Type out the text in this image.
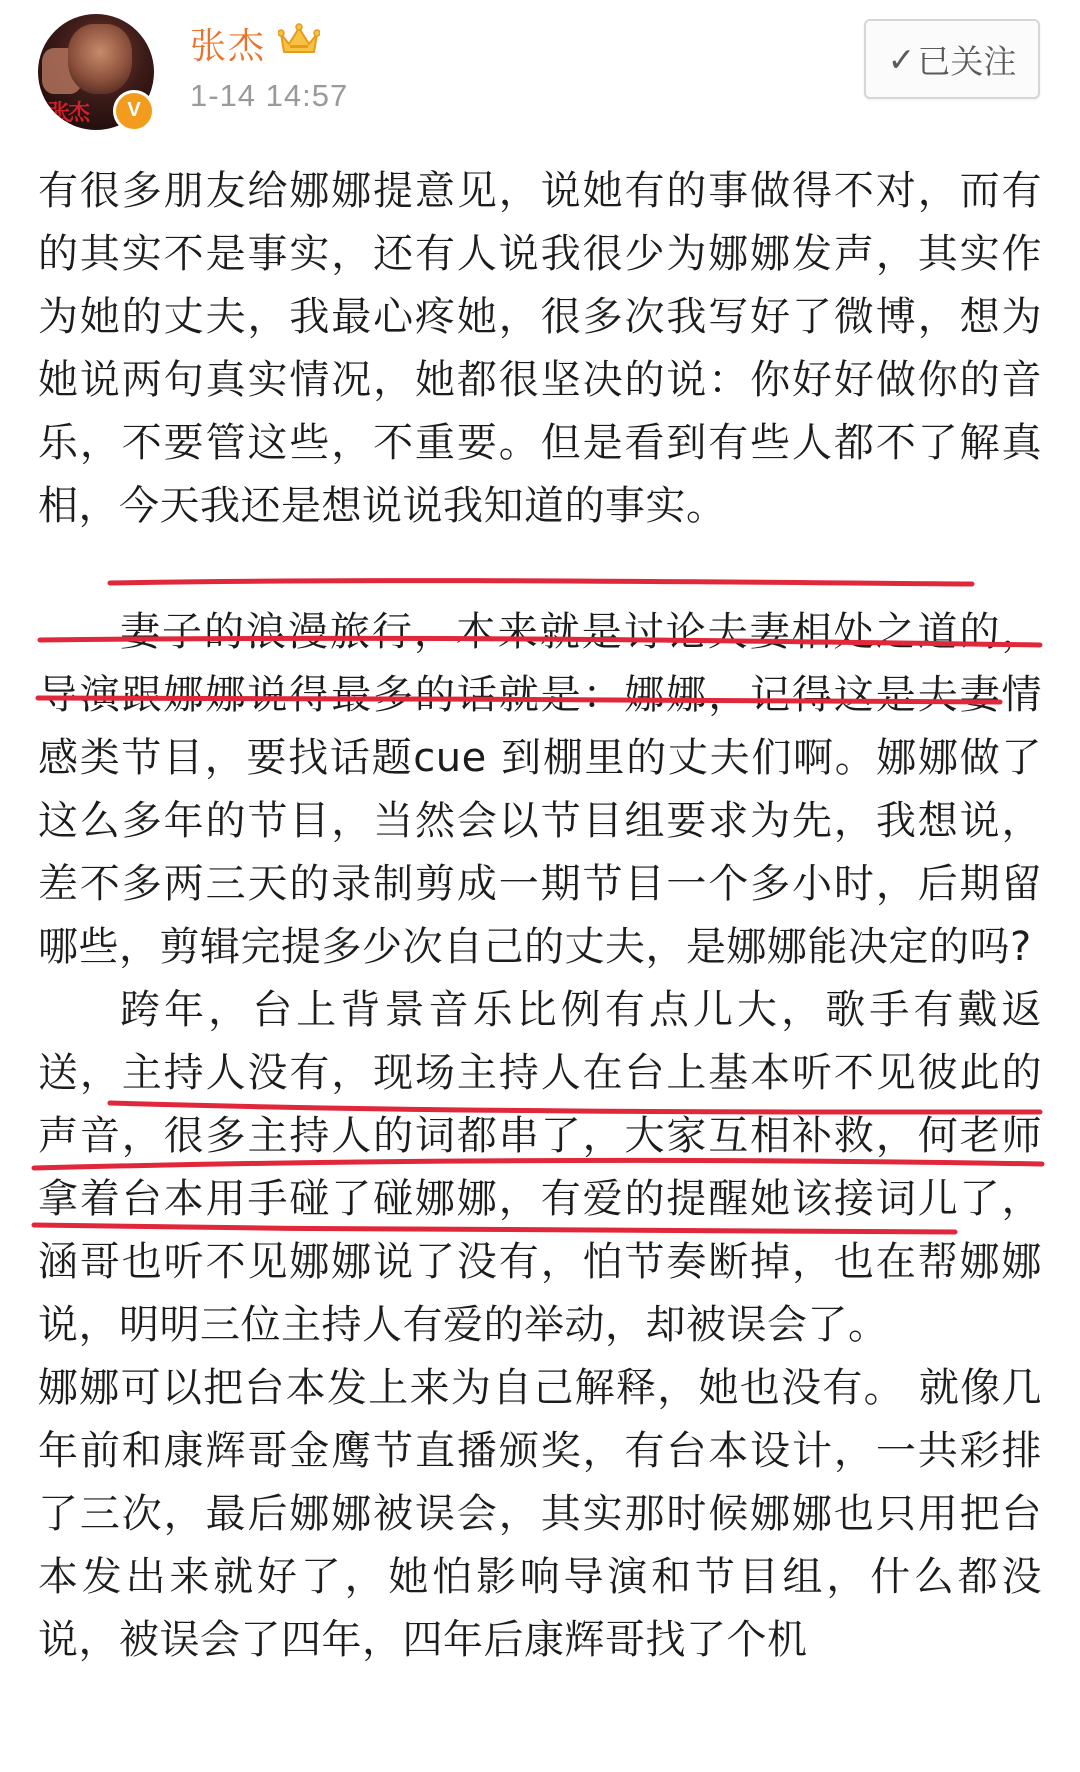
张杰	V
张杰
1-14 14:57
✓ 已关注

有很多朋友给娜娜提意见，说她有的事做得不对，而有的其实不是事实，还有人说我很少为娜娜发声，其实作为她的丈夫，我最心疼她，很多次我写好了微博，想为她说两句真实情况，她都很坚决的说：你好好做你的音乐，不要管这些，不重要。但是看到有些人都不了解真相，今天我还是想说说我知道的事实。

妻子的浪漫旅行，本来就是讨论夫妻相处之道的，导演跟娜娜说得最多的话就是：娜娜，记得这是夫妻情感类节目，要找话题cue 到棚里的丈夫们啊。娜娜做了这么多年的节目，当然会以节目组要求为先，我想说，差不多两三天的录制剪成一期节目一个多小时，后期留哪些，剪辑完提多少次自己的丈夫，是娜娜能决定的吗?

跨年，台上背景音乐比例有点儿大，歌手有戴返送，主持人没有，现场主持人在台上基本听不见彼此的声音，很多主持人的词都串了，大家互相补救，何老师拿着台本用手碰了碰娜娜，有爱的提醒她该接词儿了，涵哥也听不见娜娜说了没有，怕节奏断掉，也在帮娜娜说，明明三位主持人有爱的举动，却被误会了。

娜娜可以把台本发上来为自己解释，她也没有。 就像几年前和康辉哥金鹰节直播颁奖，有台本设计，一共彩排了三次，最后娜娜被误会，其实那时候娜娜也只用把台本发出来就好了，她怕影响导演和节目组，什么都没说，被误会了四年，四年后康辉哥找了个机
